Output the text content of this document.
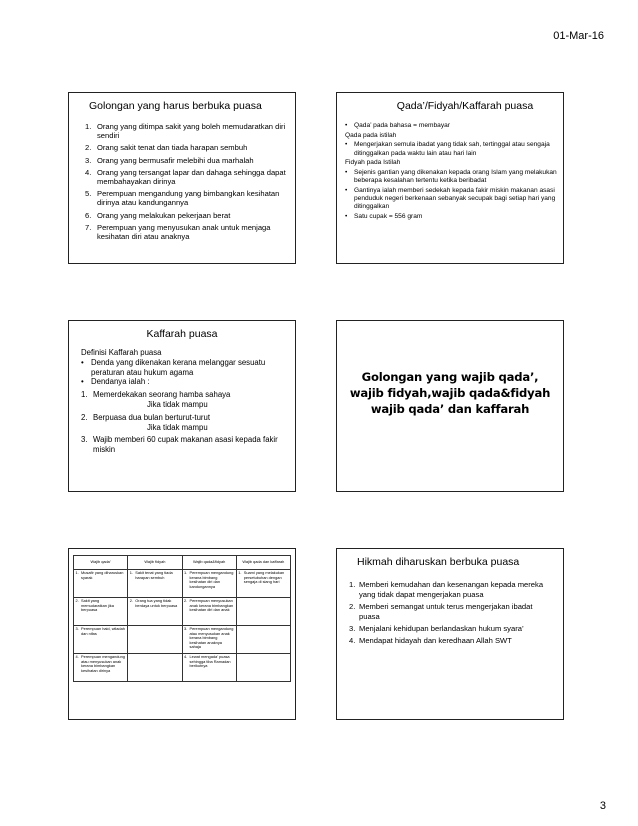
01-Mar-16
Golongan yang harus berbuka puasa
1. Orang yang ditimpa sakit yang boleh memudaratkan diri sendiri
2. Orang sakit tenat dan tiada harapan sembuh
3. Orang yang bermusafir melebihi dua marhalah
4. Orang yang tersangat lapar dan dahaga sehingga dapat membahayakan dirinya
5. Perempuan mengandung yang bimbangkan kesihatan dirinya atau kandungannya
6. Orang yang melakukan pekerjaan berat
7. Perempuan yang menyusukan anak untuk menjaga kesihatan diri atau anaknya
Qada’/Fidyah/Kaffarah puasa
•	Qada’ pada bahasa = membayar
Qada pada istilah
•	Mengerjakan semula ibadat yang tidak sah, tertinggal atau sengaja ditinggalkan pada waktu lain atau hari lain
Fidyah pada Istilah
•	Sejenis gantian yang dikenakan kepada orang Islam yang melakukan beberapa kesalahan tertentu ketika beribadat
•	Gantinya ialah memberi sedekah kepada fakir miskin makanan asasi penduduk negeri berkenaan sebanyak secupak bagi setiap hari yang ditinggalkan
•	Satu cupak = 556 gram
Kaffarah puasa
Definisi Kaffarah puasa
• Denda yang dikenakan kerana melanggar sesuatu peraturan atau hukum agama
• Dendanya ialah :
1. Memerdekakan seorang hamba sahaya
Jika tidak mampu
2. Berpuasa dua bulan berturut-turut
Jika tidak mampu
3. Wajib memberi 60 cupak makanan asasi kepada fakir miskin
Golongan yang wajib qada’,
wajib fidyah,wajib qada&fidyah
wajib qada’ dan kaffarah
Wajib qada’	Wajib fidyah	Wajib qada&fidyah	Wajib qada dan kaffarah

1. Musafir yang diharuskan syarak	1. Sakit tenat yang tiada harapan sembuh	1. Perempuan mengandung kerana bimbang kesihatan diri dan kandungannya	1. Suami yang melakukan persetubuhan dengan sengaja di siang hari

2. Sakit yang memudaratkan jika berpuasa	2. Orang tua yang tidak berdaya untuk berpuasa	2. Perempuan menyusukan anak kerana bimbangkan kesihatan diri dan anak	

3. Perempuan haid, wiladah dan nifas		3. Perempuan mengandung atau menyusukan anak kerana bimbang kesihatan anaknya sahaja	

4. Perempuan mengandung atau menyusukan anak kerana bimbangkan kesihatan dirinya		4. Lewat mengada’ puasa sehingga tiba Ramadan berikutnya	

Hikmah diharuskan berbuka puasa
1. Memberi kemudahan dan kesenangan kepada mereka yang tidak dapat mengerjakan puasa
2. Memberi semangat untuk terus mengerjakan ibadat puasa
3. Menjalani kehidupan berlandaskan hukum syara’
4. Mendapat hidayah dan keredhaan Allah SWT
3
